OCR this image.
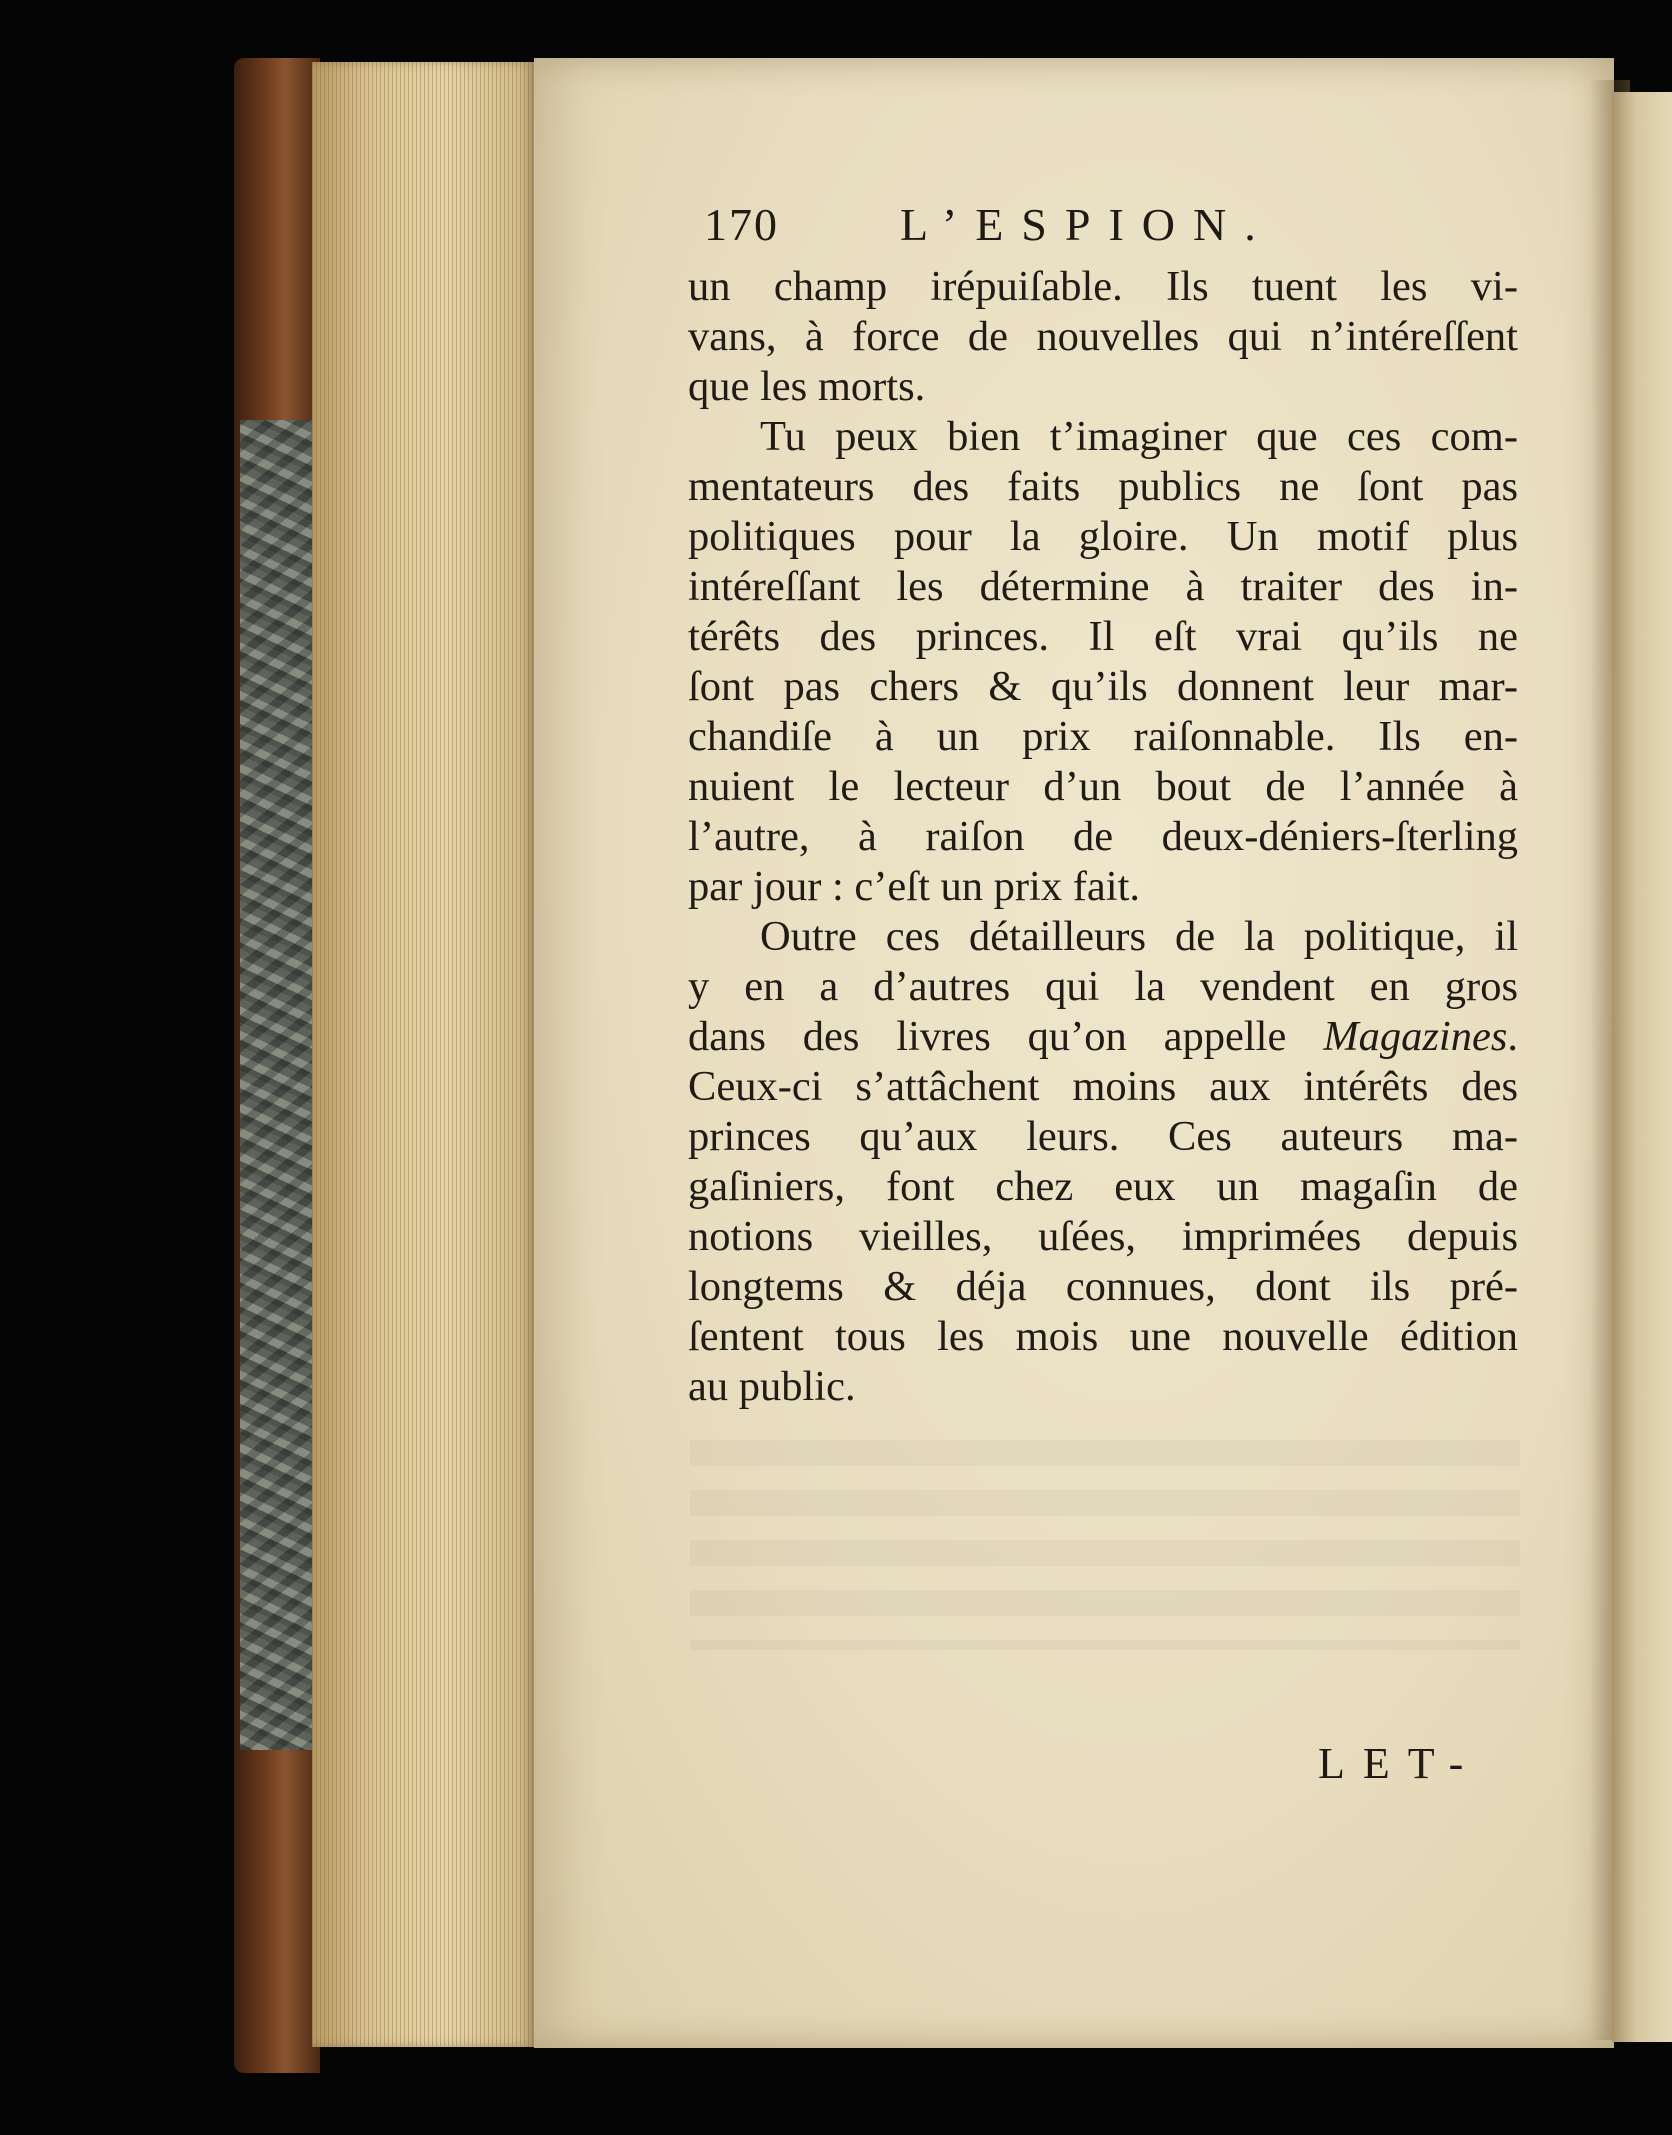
170	L’ESPION.
un champ irépuiſable. Ils tuent les vi-
vans, à force de nouvelles qui n’intéreſſent
que les morts.
Tu peux bien t’imaginer que ces com-
mentateurs des faits publics ne ſont pas
politiques pour la gloire. Un motif plus
intéreſſant les détermine à traiter des in-
térêts des princes. Il eſt vrai qu’ils ne
ſont pas chers & qu’ils donnent leur mar-
chandiſe à un prix raiſonnable. Ils en-
nuient le lecteur d’un bout de l’année à
l’autre, à raiſon de deux-déniers-ſterling
par jour : c’eſt un prix fait.
Outre ces détailleurs de la politique, il
y en a d’autres qui la vendent en gros
dans des livres qu’on appelle Magazines.
Ceux-ci s’attâchent moins aux intérêts des
princes qu’aux leurs. Ces auteurs ma-
gaſiniers, font chez eux un magaſin de
notions vieilles, uſées, imprimées depuis
longtems & déja connues, dont ils pré-
ſentent tous les mois une nouvelle édition
au public.
LET-
